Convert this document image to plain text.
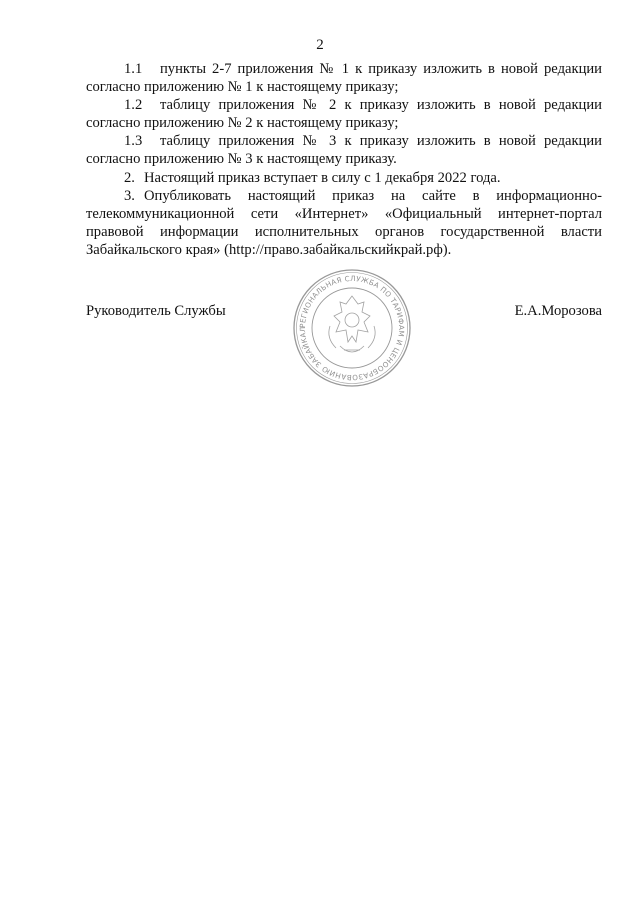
2

1.1 пункты 2-7 приложения № 1 к приказу изложить в новой редакции
согласно приложению № 1 к настоящему приказу;

1.2 таблицу приложения № 2 к приказу изложить в новой редакции
согласно приложению № 2 к настоящему приказу;

1.3 таблицу приложения № 3 к приказу изложить в новой редакции
согласно приложению № 3 к настоящему приказу.

2. Настоящий приказ вступает в силу с 1 декабря 2022 года.

3. Опубликовать настоящий приказ на сайте в информационно-
телекоммуникационной сети «Интернет» «Официальный интернет-портал правовой информации исполнительных органов государственной власти Забайкальского края» (http://право.забайкальскийкрай.рф).

РЕГИОНАЛЬНАЯ СЛУЖБА ПО ТАРИФАМ И ЦЕНООБРАЗОВАНИЮ ЗАБАЙКАЛ
Руководитель Службы	Е.А.Морозова
